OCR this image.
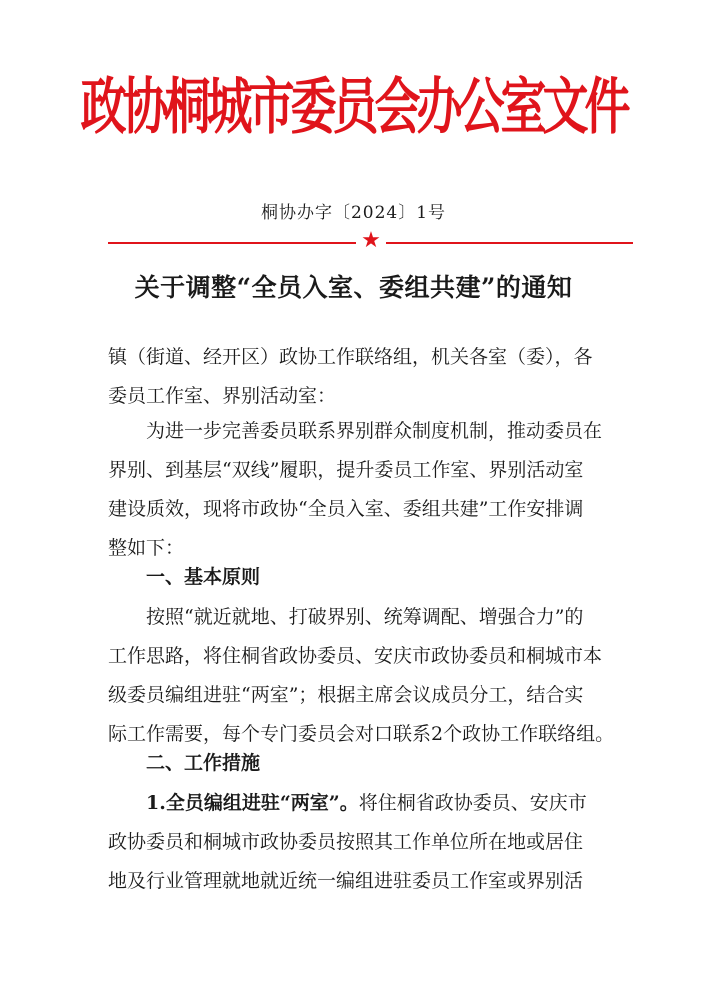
政协桐城市委员会办公室文件
桐协办字〔2024〕1号
★
关于调整“全员入室、委组共建”的通知
镇（街道、经开区）政协工作联络组，机关各室（委），各
委员工作室、界别活动室：
为进一步完善委员联系界别群众制度机制，推动委员在
界别、到基层“双线”履职，提升委员工作室、界别活动室
建设质效，现将市政协“全员入室、委组共建”工作安排调
整如下：
一、基本原则
按照“就近就地、打破界别、统筹调配、增强合力”的
工作思路，将住桐省政协委员、安庆市政协委员和桐城市本
级委员编组进驻“两室”；根据主席会议成员分工，结合实
际工作需要，每个专门委员会对口联系2个政协工作联络组。
二、工作措施
1.全员编组进驻“两室”。将住桐省政协委员、安庆市
政协委员和桐城市政协委员按照其工作单位所在地或居住
地及行业管理就地就近统一编组进驻委员工作室或界别活
